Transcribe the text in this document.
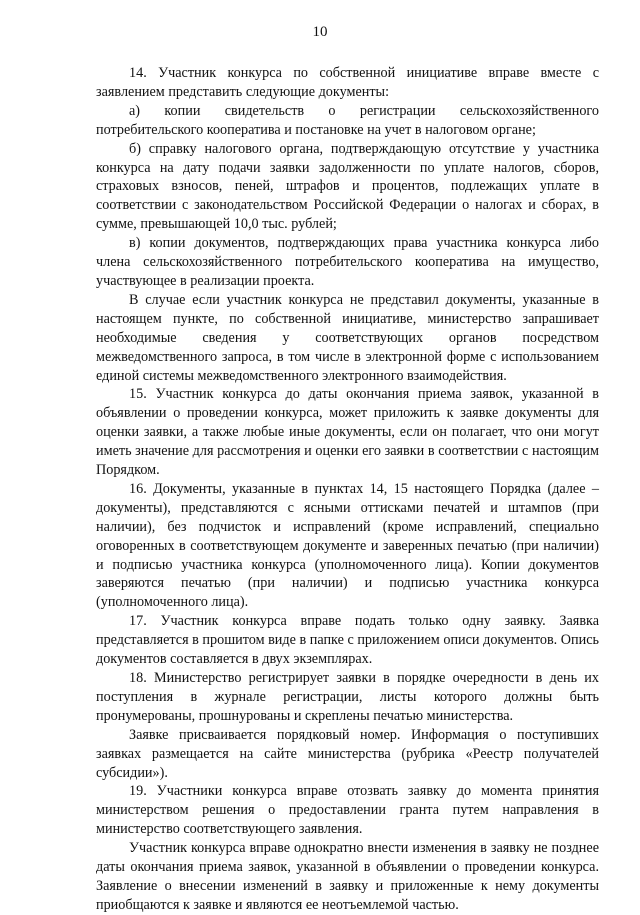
10

14. Участник конкурса по собственной инициативе вправе вместе с заявлением представить следующие документы:

а) копии свидетельств о регистрации сельскохозяйственного потребительского кооператива и постановке на учет в налоговом органе;

б) справку налогового органа, подтверждающую отсутствие у участника конкурса на дату подачи заявки задолженности по уплате налогов, сборов, страховых взносов, пеней, штрафов и процентов, подлежащих уплате в соответствии с законодательством Российской Федерации о налогах и сборах, в сумме, превышающей 10,0 тыс. рублей;

в) копии документов, подтверждающих права участника конкурса либо члена сельскохозяйственного потребительского кооператива на имущество, участвующее в реализации проекта.

В случае если участник конкурса не представил документы, указанные в настоящем пункте, по собственной инициативе, министерство запрашивает необходимые сведения у соответствующих органов посредством межведомственного запроса, в том числе в электронной форме с использованием единой системы межведомственного электронного взаимодействия.

15. Участник конкурса до даты окончания приема заявок, указанной в объявлении о проведении конкурса, может приложить к заявке документы для оценки заявки, а также любые иные документы, если он полагает, что они могут иметь значение для рассмотрения и оценки его заявки в соответствии с настоящим Порядком.

16. Документы, указанные в пунктах 14, 15 настоящего Порядка (далее – документы), представляются с ясными оттисками печатей и штампов (при наличии), без подчисток и исправлений (кроме исправлений, специально оговоренных в соответствующем документе и заверенных печатью (при наличии) и подписью участника конкурса (уполномоченного лица). Копии документов заверяются печатью (при наличии) и подписью участника конкурса (уполномоченного лица).

17. Участник конкурса вправе подать только одну заявку. Заявка представляется в прошитом виде в папке с приложением описи документов. Опись документов составляется в двух экземплярах.

18. Министерство регистрирует заявки в порядке очередности в день их поступления в журнале регистрации, листы которого должны быть пронумерованы, прошнурованы и скреплены печатью министерства.

Заявке присваивается порядковый номер. Информация о поступивших заявках размещается на сайте министерства (рубрика «Реестр получателей субсидии»).

19. Участники конкурса вправе отозвать заявку до момента принятия министерством решения о предоставлении гранта путем направления в министерство соответствующего заявления.

Участник конкурса вправе однократно внести изменения в заявку не позднее даты окончания приема заявок, указанной в объявлении о проведении конкурса. Заявление о внесении изменений в заявку и приложенные к нему документы приобщаются к заявке и являются ее неотъемлемой частью.
